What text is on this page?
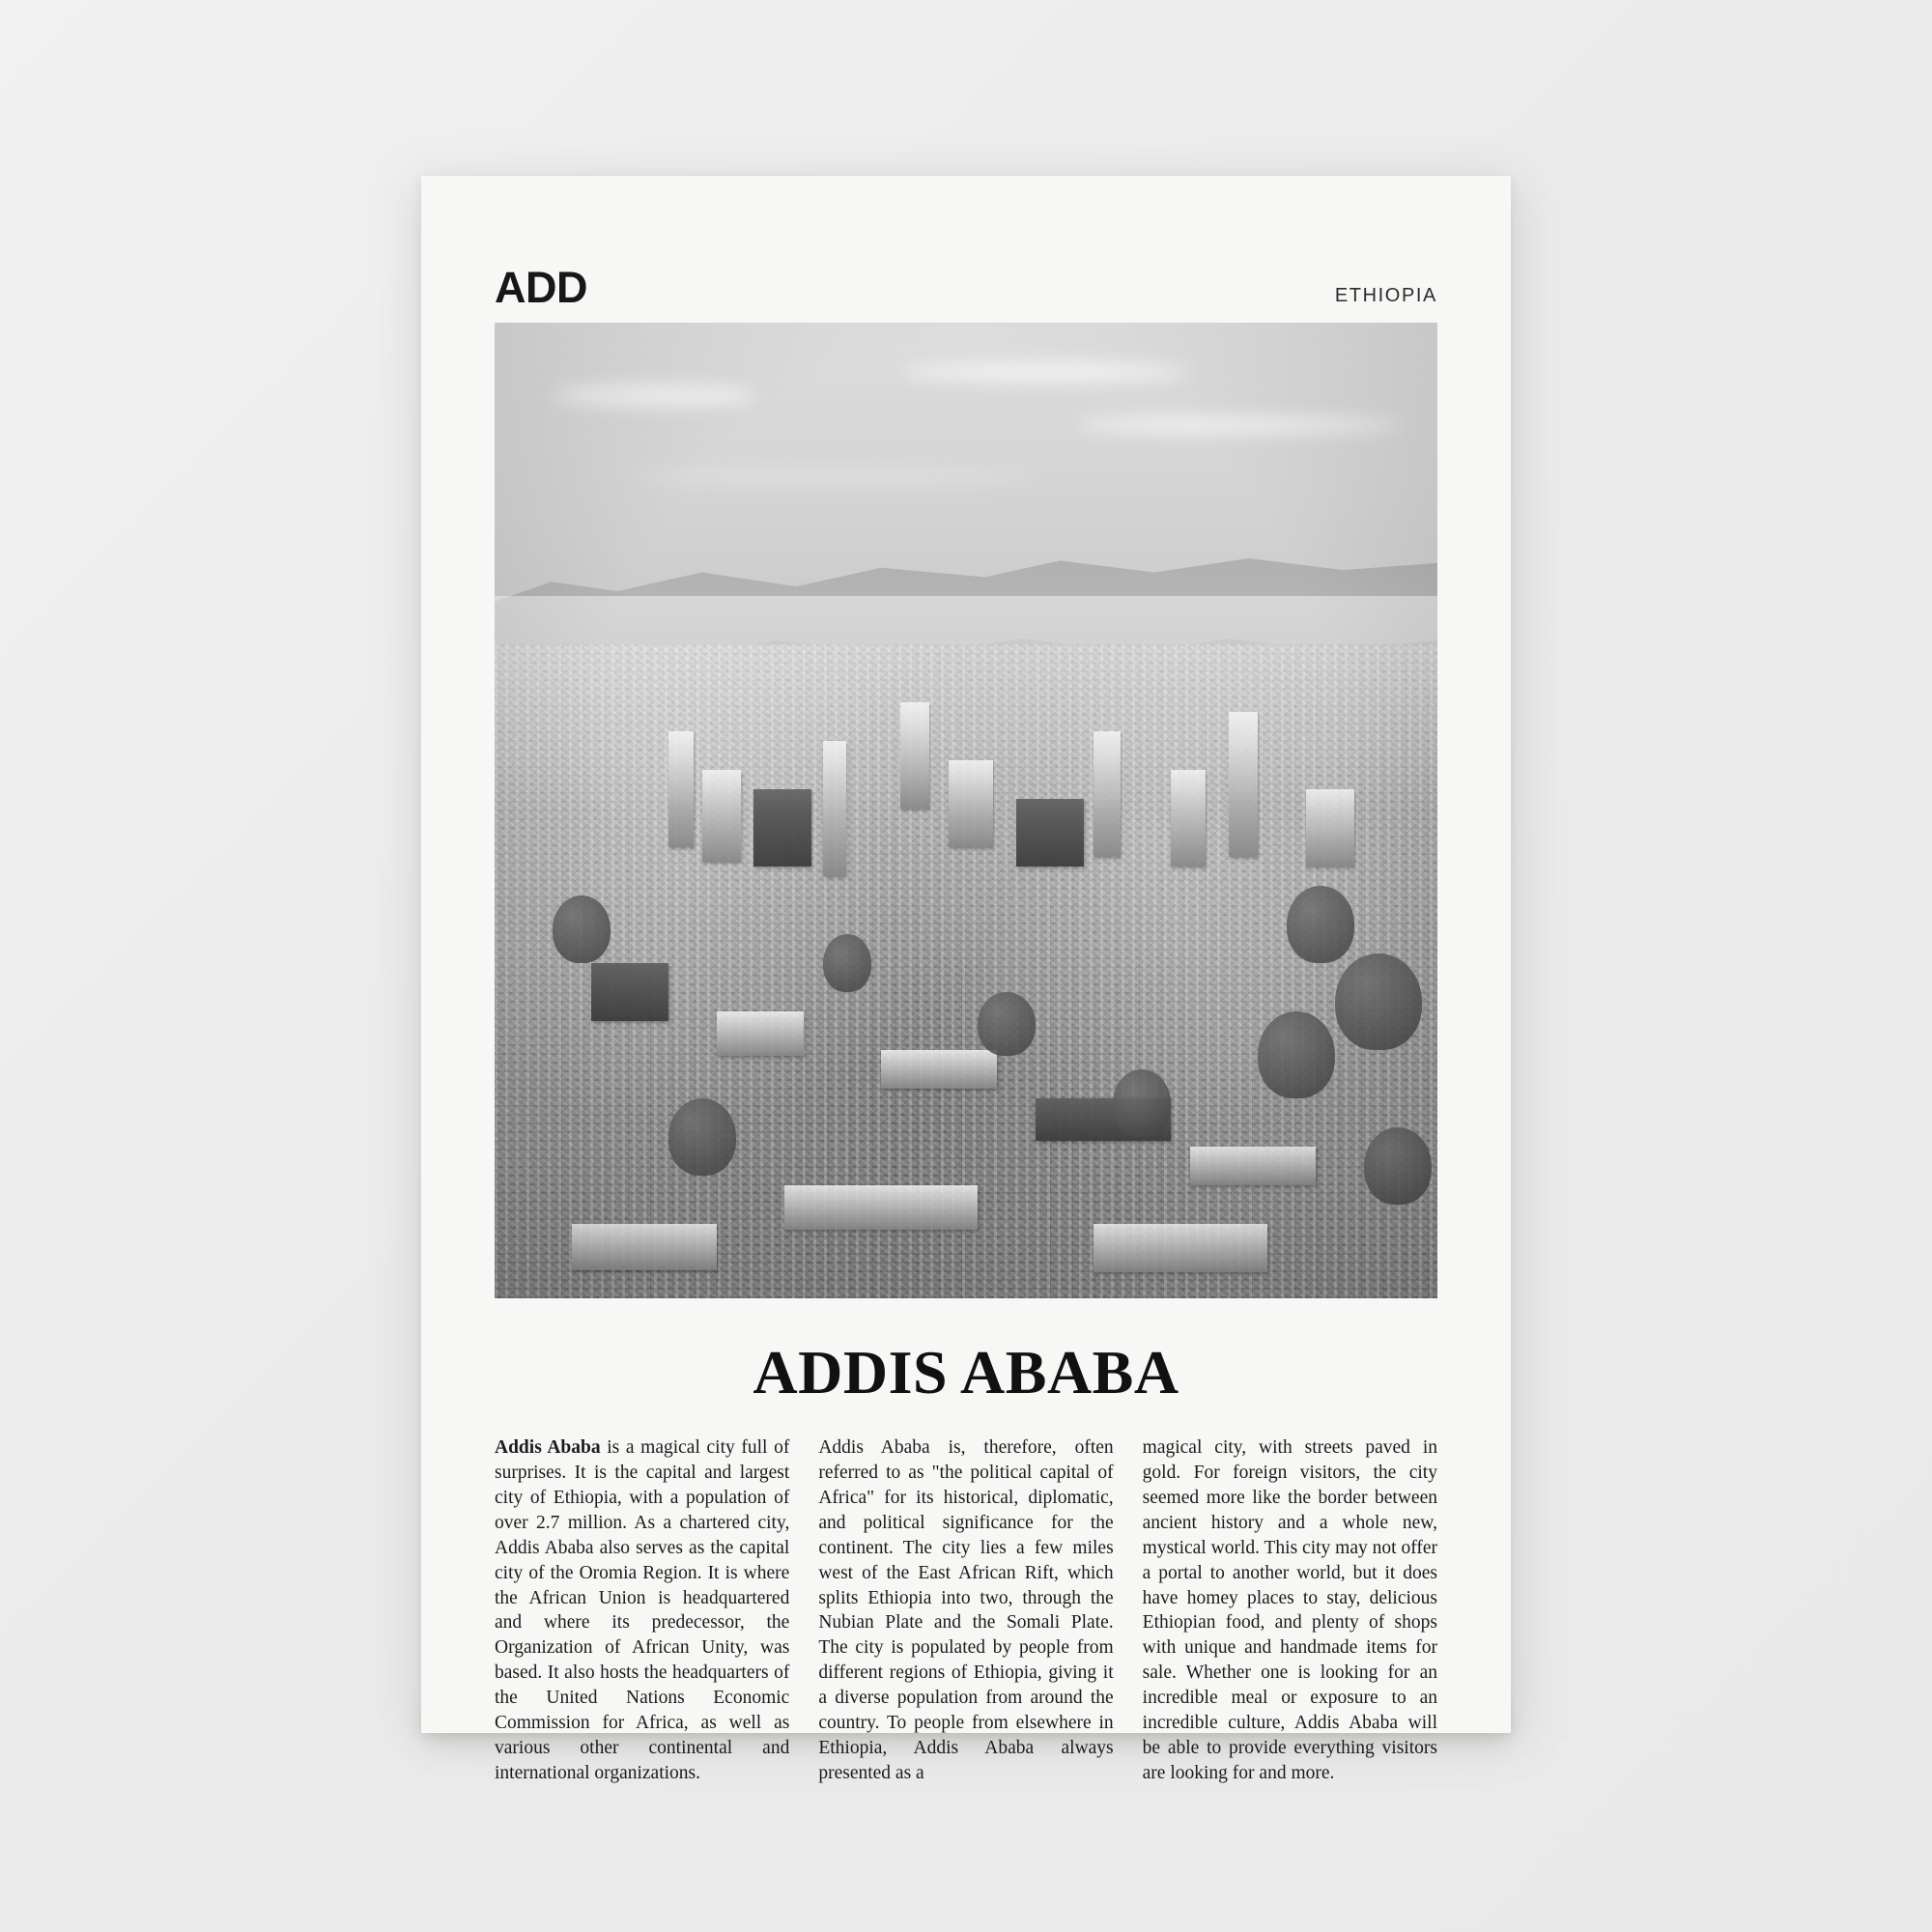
ADD	ETHIOPIA
ADDIS ABABA
Addis Ababa is a magical city full of surprises. It is the capital and largest city of Ethiopia, with a population of over 2.7 million. As a chartered city, Addis Ababa also serves as the capital city of the Oromia Region. It is where the African Union is headquartered and where its predecessor, the Organization of African Unity, was based. It also hosts the headquarters of the United Nations Economic Commission for Africa, as well as various other continental and international organizations.
Addis Ababa is, therefore, often referred to as "the political capital of Africa" for its historical, diplomatic, and political significance for the continent. The city lies a few miles west of the East African Rift, which splits Ethiopia into two, through the Nubian Plate and the Somali Plate. The city is populated by people from different regions of Ethiopia, giving it a diverse population from around the country. To people from elsewhere in Ethiopia, Addis Ababa always presented as a
magical city, with streets paved in gold. For foreign visitors, the city seemed more like the border between ancient history and a whole new, mystical world. This city may not offer a portal to another world, but it does have homey places to stay, delicious Ethiopian food, and plenty of shops with unique and handmade items for sale. Whether one is looking for an incredible meal or exposure to an incredible culture, Addis Ababa will be able to provide everything visitors are looking for and more.
